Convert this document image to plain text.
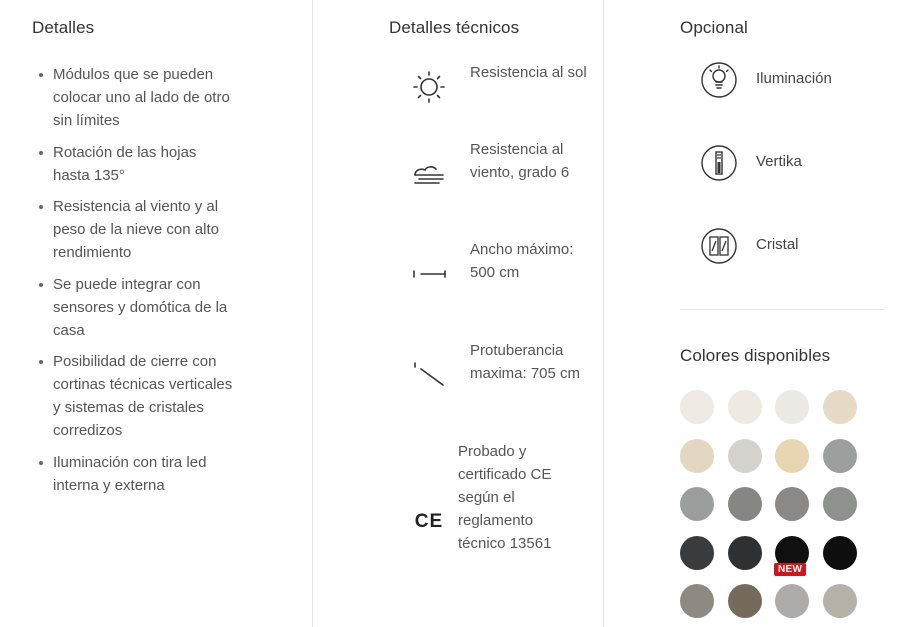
Detalles
Módulos que se pueden colocar uno al lado de otro sin límites
Rotación de las hojas hasta 135°
Resistencia al viento y al peso de la nieve con alto rendimiento
Se puede integrar con sensores y domótica de la casa
Posibilidad de cierre con cortinas técnicas verticales y sistemas de cristales corredizos
Iluminación con tira led interna y externa
Detalles técnicos
Resistencia al sol
Resistencia al viento, grado 6
Ancho máximo: 500 cm
Protuberancia maxima: 705 cm
CE
Probado y certificado CE según el reglamento técnico 13561
Opcional
Iluminación
Vertika
Cristal
Colores disponibles
NEW
